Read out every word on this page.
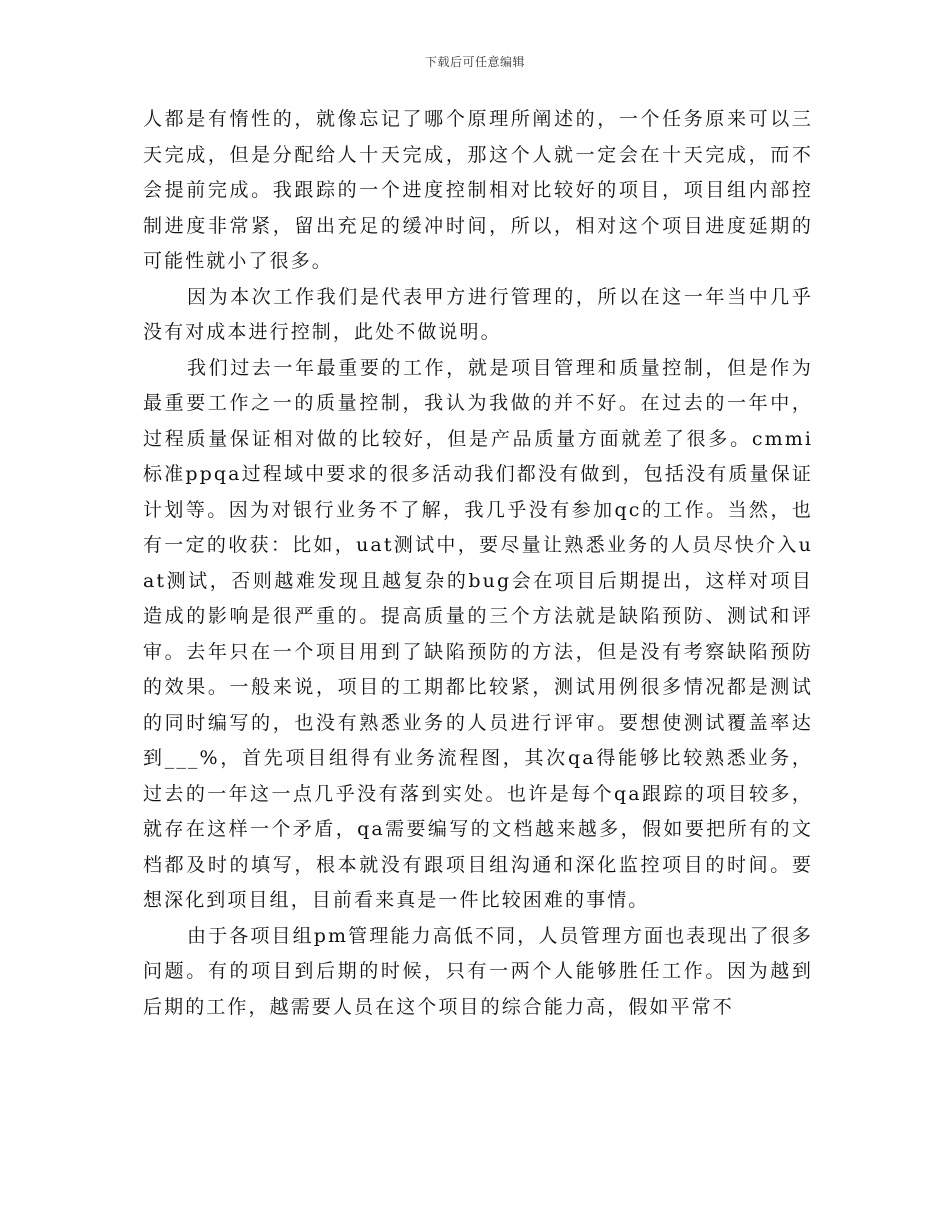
下载后可任意编辑

人都是有惰性的，就像忘记了哪个原理所阐述的，一个任务原来可以三天完成，但是分配给人十天完成，那这个人就一定会在十天完成，而不会提前完成。我跟踪的一个进度控制相对比较好的项目，项目组内部控制进度非常紧，留出充足的缓冲时间，所以，相对这个项目进度延期的可能性就小了很多。

因为本次工作我们是代表甲方进行管理的，所以在这一年当中几乎没有对成本进行控制，此处不做说明。

我们过去一年最重要的工作，就是项目管理和质量控制，但是作为最重要工作之一的质量控制，我认为我做的并不好。在过去的一年中，过程质量保证相对做的比较好，但是产品质量方面就差了很多。cmmi标准ppqa过程域中要求的很多活动我们都没有做到，包括没有质量保证计划等。因为对银行业务不了解，我几乎没有参加qc的工作。当然，也有一定的收获：比如，uat测试中，要尽量让熟悉业务的人员尽快介入uat测试，否则越难发现且越复杂的bug会在项目后期提出，这样对项目造成的影响是很严重的。提高质量的三个方法就是缺陷预防、测试和评审。去年只在一个项目用到了缺陷预防的方法，但是没有考察缺陷预防的效果。一般来说，项目的工期都比较紧，测试用例很多情况都是测试的同时编写的，也没有熟悉业务的人员进行评审。要想使测试覆盖率达到___%，首先项目组得有业务流程图，其次qa得能够比较熟悉业务，过去的一年这一点几乎没有落到实处。也许是每个qa跟踪的项目较多，就存在这样一个矛盾，qa需要编写的文档越来越多，假如要把所有的文档都及时的填写，根本就没有跟项目组沟通和深化监控项目的时间。要想深化到项目组，目前看来真是一件比较困难的事情。

由于各项目组pm管理能力高低不同，人员管理方面也表现出了很多问题。有的项目到后期的时候，只有一两个人能够胜任工作。因为越到后期的工作，越需要人员在这个项目的综合能力高，假如平常不
